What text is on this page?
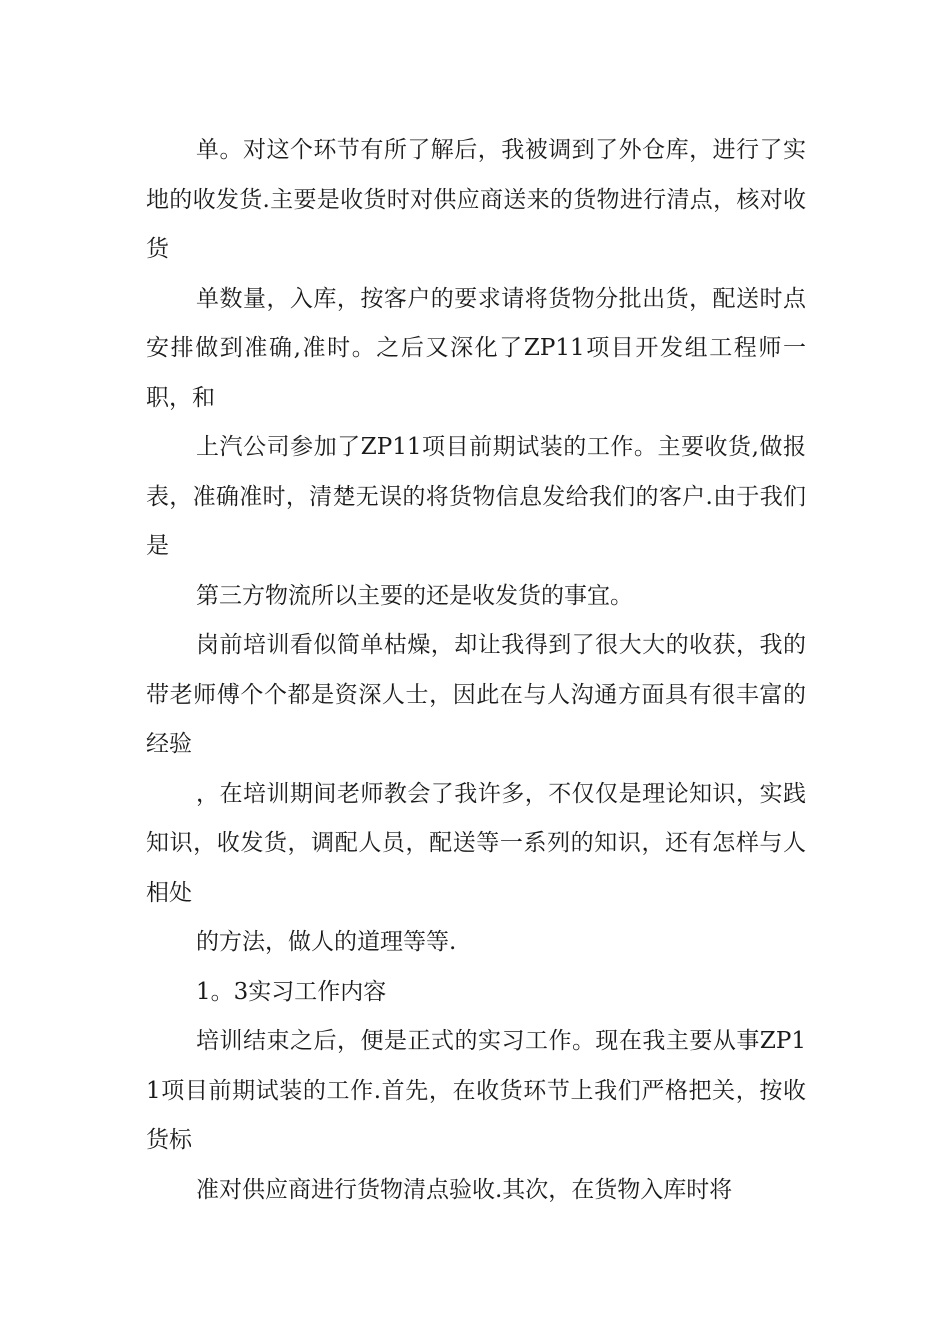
单。对这个环节有所了解后，我被调到了外仓库，进行了实地的收发货.主要是收货时对供应商送来的货物进行清点，核对收货

单数量，入库，按客户的要求请将货物分批出货，配送时点安排做到准确,准时。之后又深化了ZP11项目开发组工程师一职，和

上汽公司参加了ZP11项目前期试装的工作。主要收货,做报表，准确准时，清楚无误的将货物信息发给我们的客户.由于我们是

第三方物流所以主要的还是收发货的事宜。

岗前培训看似简单枯燥，却让我得到了很大大的收获，我的带老师傅个个都是资深人士，因此在与人沟通方面具有很丰富的经验

，在培训期间老师教会了我许多，不仅仅是理论知识，实践知识，收发货，调配人员，配送等一系列的知识，还有怎样与人相处

的方法，做人的道理等等.

1。3实习工作内容

培训结束之后，便是正式的实习工作。现在我主要从事ZP11项目前期试装的工作.首先，在收货环节上我们严格把关，按收货标

准对供应商进行货物清点验收.其次，在货物入库时将
